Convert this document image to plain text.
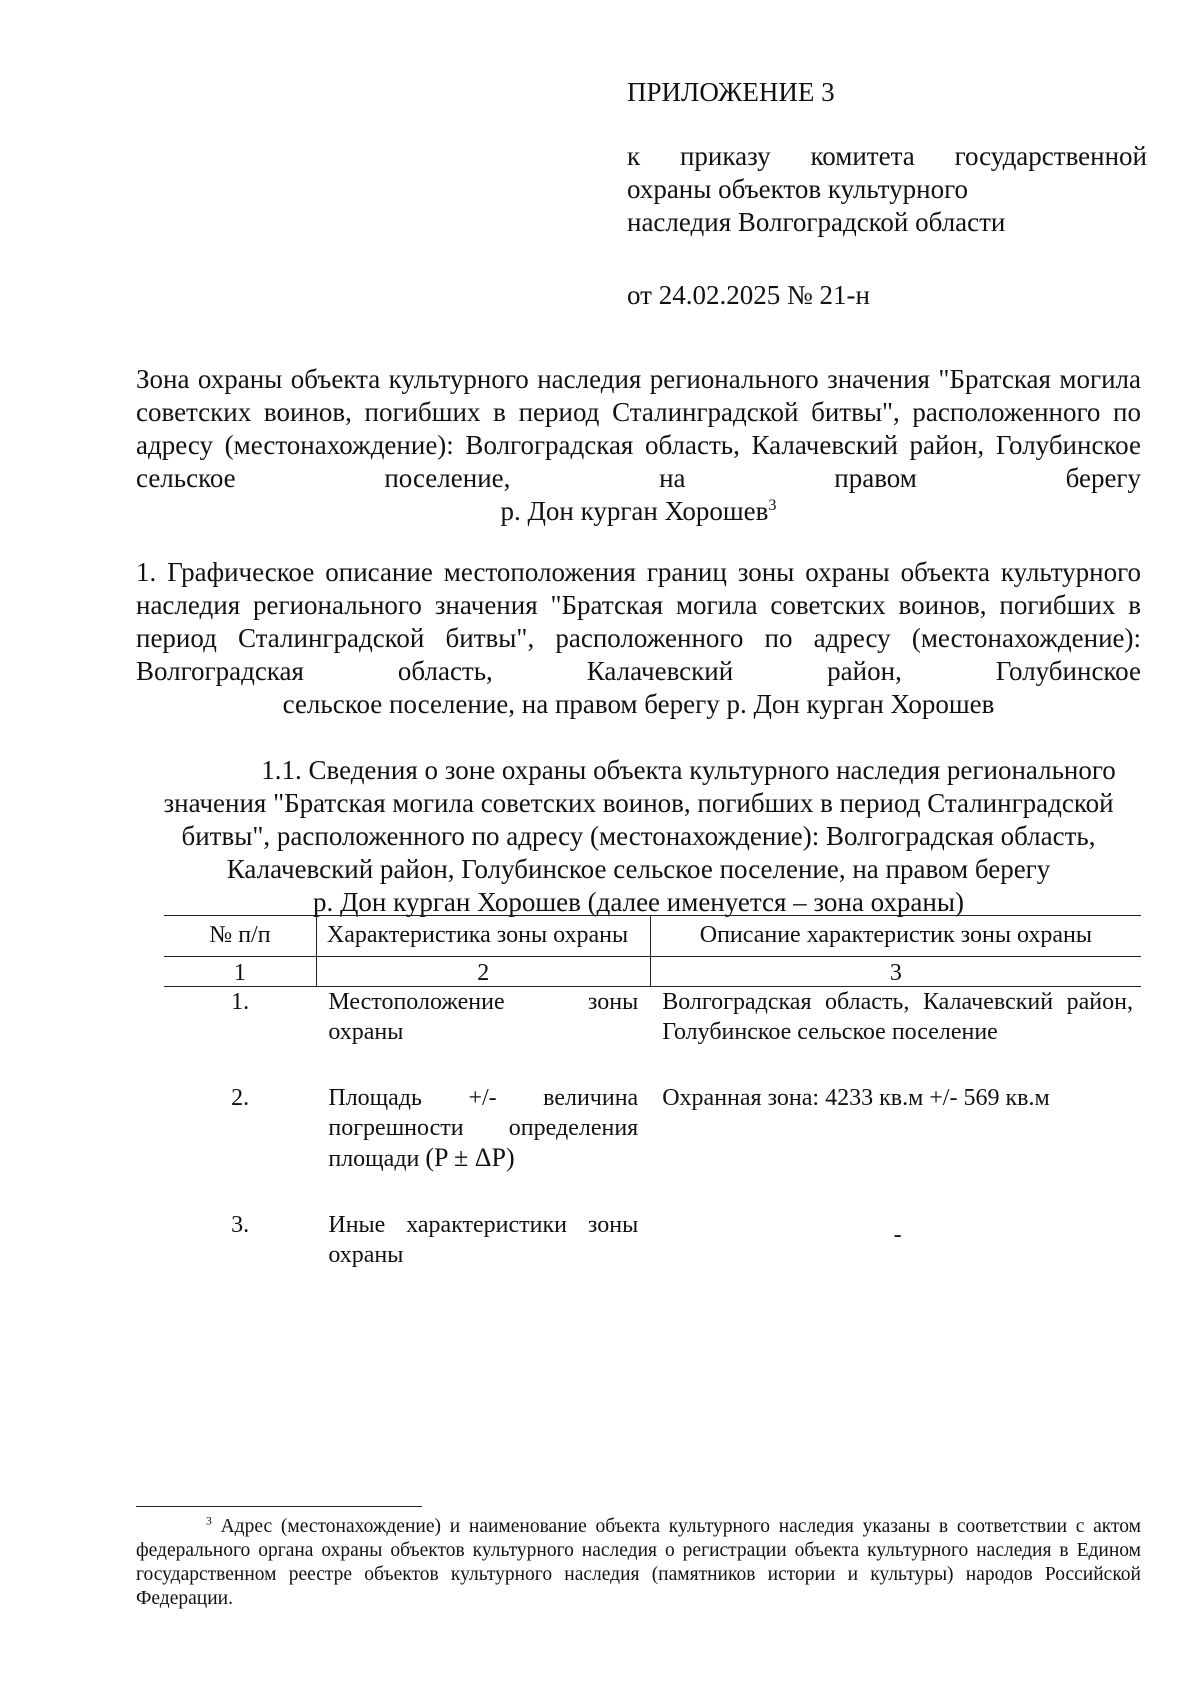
ПРИЛОЖЕНИЕ 3
к приказу комитета государственной
охраны объектов культурного
наследия Волгоградской области
от 24.02.2025 № 21-н
Зона охраны объекта культурного наследия регионального значения "Братская могила советских воинов, погибших в период Сталинградской битвы", расположенного по адресу (местонахождение): Волгоградская область, Калачевский район, Голубинское сельское поселение, на правом берегу
р. Дон курган Хорошев$^3$
1. Графическое описание местоположения границ зоны охраны объекта культурного наследия регионального значения "Братская могила советских воинов, погибших в период Сталинградской битвы", расположенного по адресу (местонахождение): Волгоградская область, Калачевский район, Голубинское
сельское поселение, на правом берегу р. Дон курган Хорошев
1.1. Сведения о зоне охраны объекта культурного наследия регионального
значения "Братская могила советских воинов, погибших в период Сталинградской
битвы", расположенного по адресу (местонахождение): Волгоградская область,
Калачевский район, Голубинское сельское поселение, на правом берегу
р. Дон курган Хорошев (далее именуется – зона охраны)
№ п/п	Характеристика зоны охраны	Описание характеристик зоны охраны
1	2	3
1.	Местоположение зоны охраны	Волгоградская область, Калачевский район, Голубинское сельское поселение
2.	Площадь +/- величина погрешности определения площади (P ± ΔP)	Охранная зона: 4233 кв.м +/- 569 кв.м
3.	Иные характеристики зоны охраны	-
$^3$ Адрес (местонахождение) и наименование объекта культурного наследия указаны в соответствии с актом федерального органа охраны объектов культурного наследия о регистрации объекта культурного наследия в Едином государственном реестре объектов культурного наследия (памятников истории и культуры) народов Российской Федерации.
